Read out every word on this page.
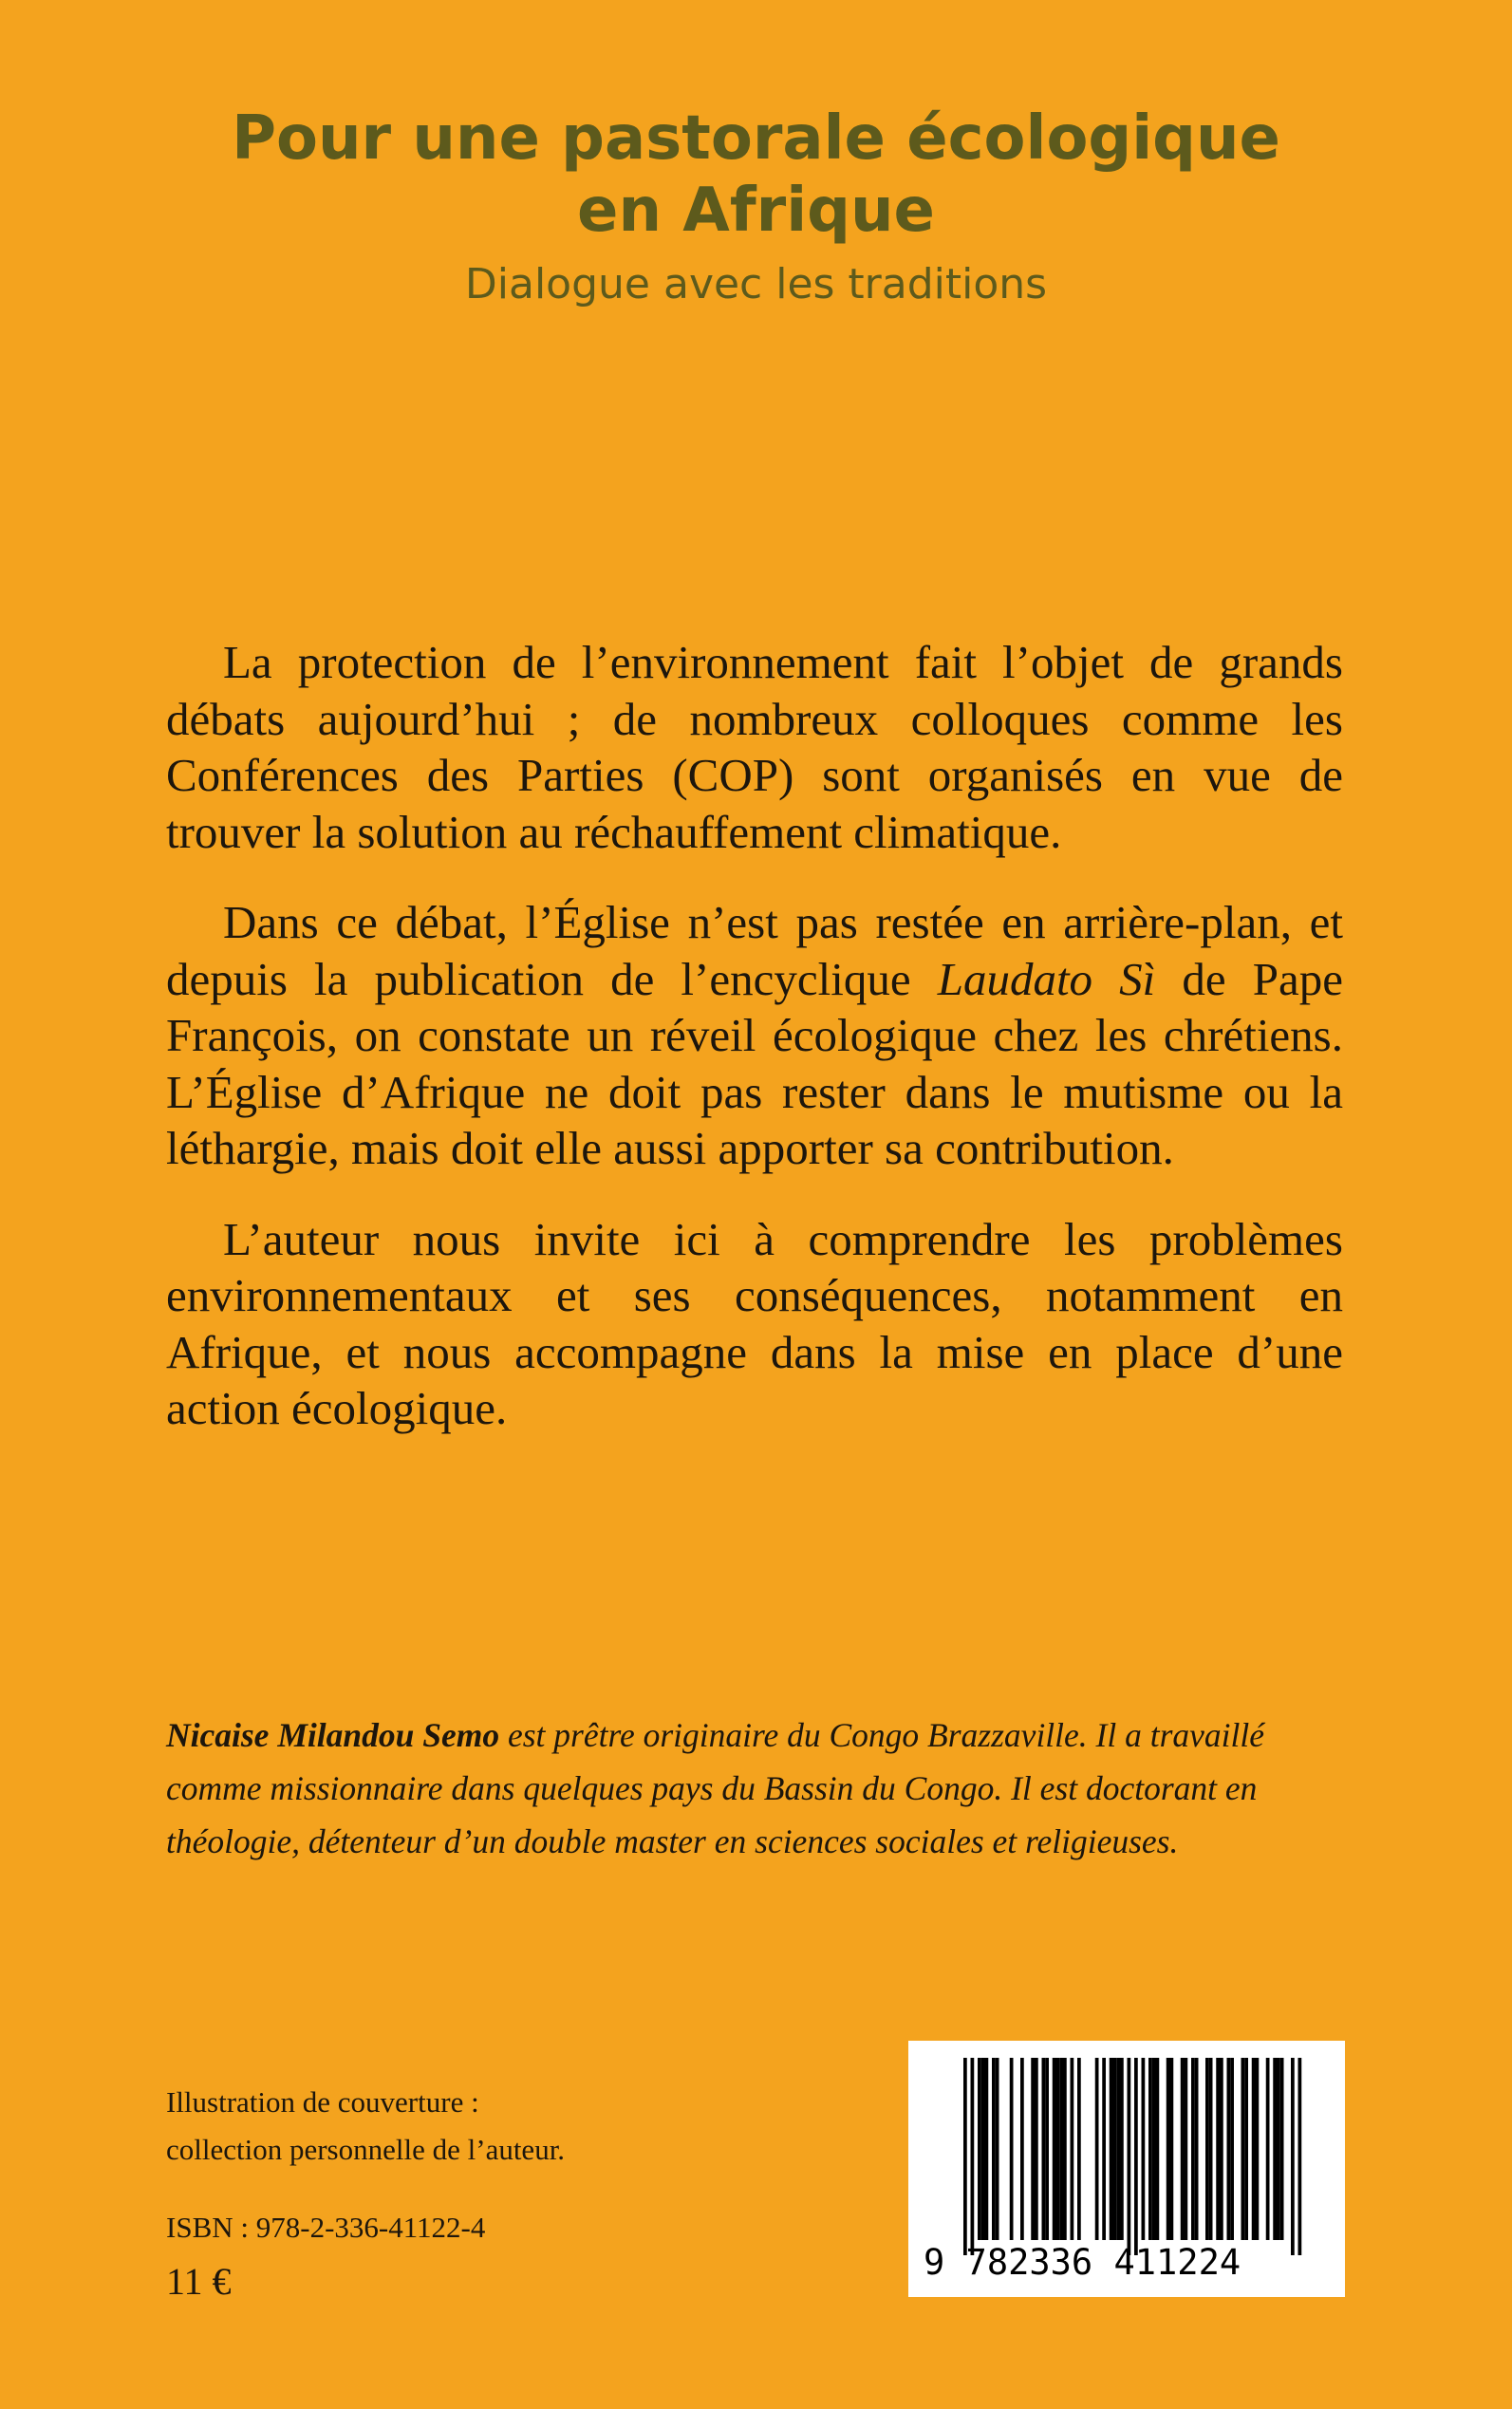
Pour une pastorale écologique
en Afrique
Dialogue avec les traditions

La protection de l’environnement fait l’objet de grands débats aujourd’hui ; de nombreux colloques comme les Conférences des Parties (COP) sont organisés en vue de trouver la solution au réchauffement climatique.

Dans ce débat, l’Église n’est pas restée en arrière-plan, et depuis la publication de l’encyclique Laudato Sì de Pape François, on constate un réveil écologique chez les chrétiens. L’Église d’Afrique ne doit pas rester dans le mutisme ou la léthargie, mais doit elle aussi apporter sa contribution.

L’auteur nous invite ici à comprendre les problèmes environnementaux et ses conséquences, notamment en Afrique, et nous accompagne dans la mise en place d’une action écologique.

Nicaise Milandou Semo est prêtre originaire du Congo Brazzaville. Il a travaillé comme missionnaire dans quelques pays du Bassin du Congo. Il est doctorant en théologie, détenteur d’un double master en sciences sociales et religieuses.
Illustration de couverture :
collection personnelle de l’auteur.
ISBN : 978-2-336-41122-4
11 €	9 782336 411224
